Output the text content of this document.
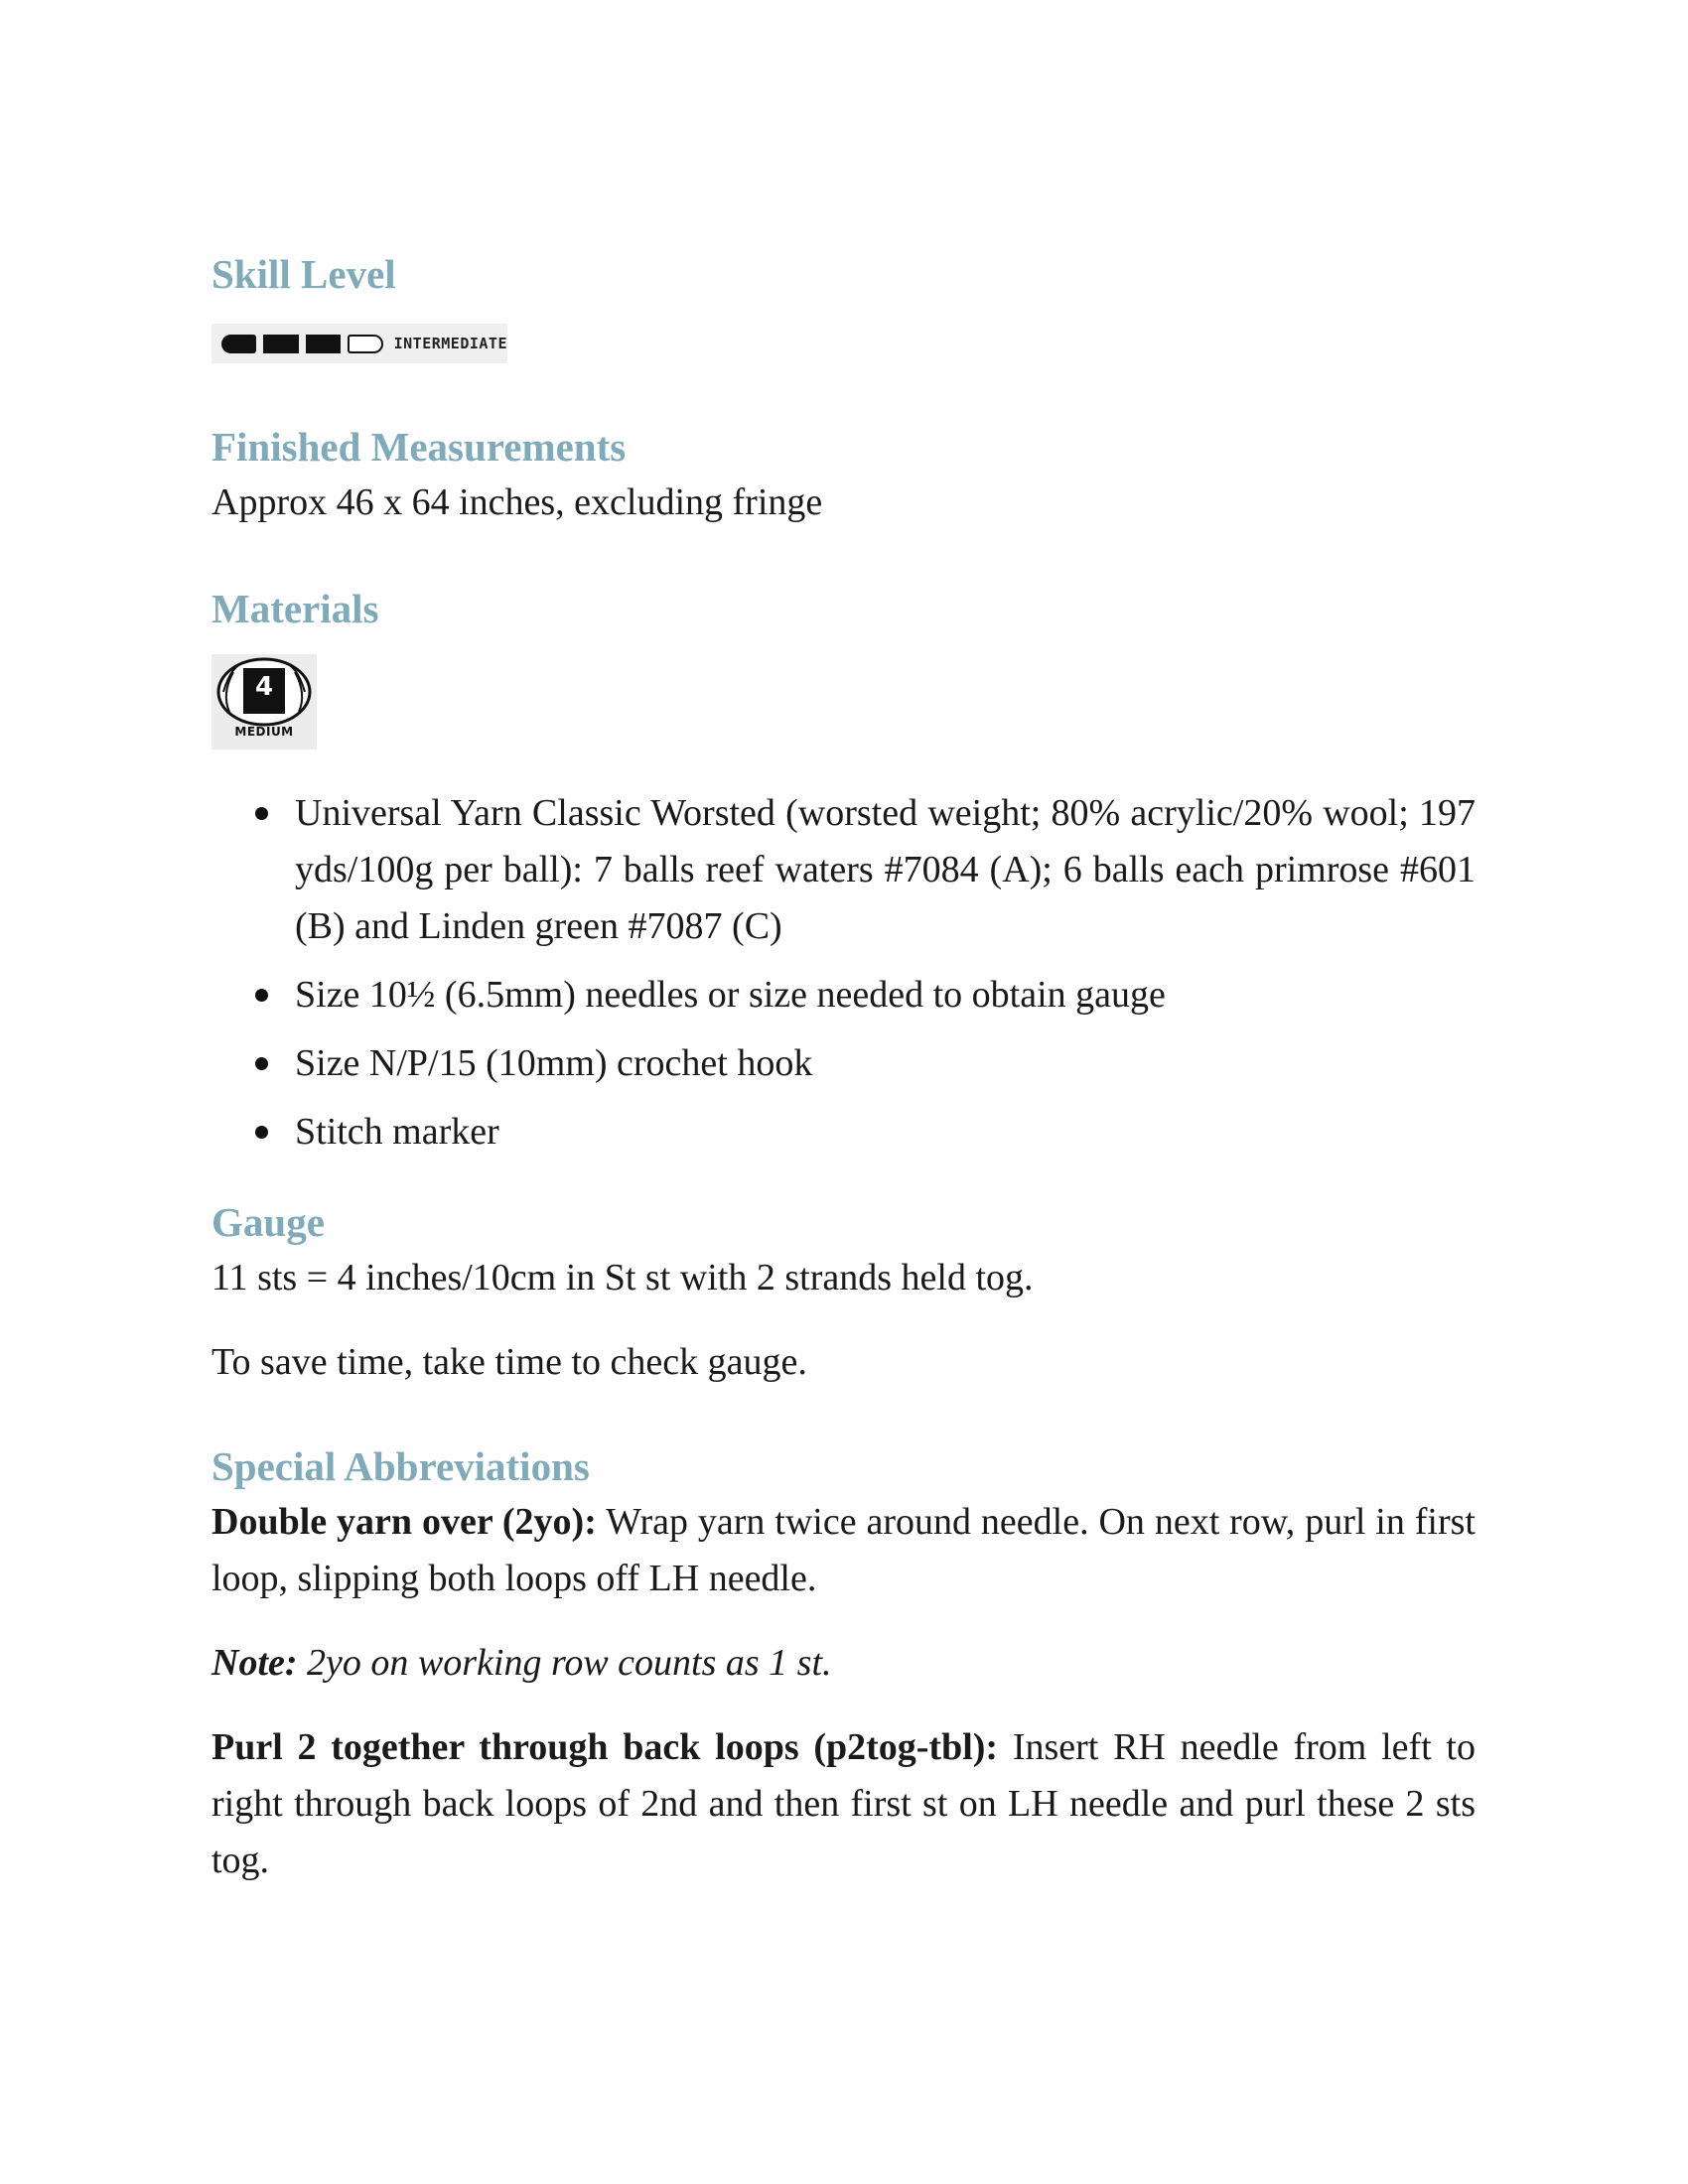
Skill Level
INTERMEDIATE
Finished Measurements

Approx 46 x 64 inches, excluding fringe

Materials
4
MEDIUM
Universal Yarn Classic Worsted (worsted weight; 80% acrylic/20% wool; 197 yds/100g per ball): 7 balls reef waters #7084 (A); 6 balls each primrose #601 (B) and Linden green #7087 (C)
Size 10½ (6.5mm) needles or size needed to obtain gauge
Size N/P/15 (10mm) crochet hook
Stitch marker
Gauge

11 sts = 4 inches/10cm in St st with 2 strands held tog.

To save time, take time to check gauge.

Special Abbreviations

Double yarn over (2yo): Wrap yarn twice around needle. On next row, purl in first loop, slipping both loops off LH needle.

Note: 2yo on working row counts as 1 st.

Purl 2 together through back loops (p2tog-tbl): Insert RH needle from left to right through back loops of 2nd and then first st on LH needle and purl these 2 sts tog.
